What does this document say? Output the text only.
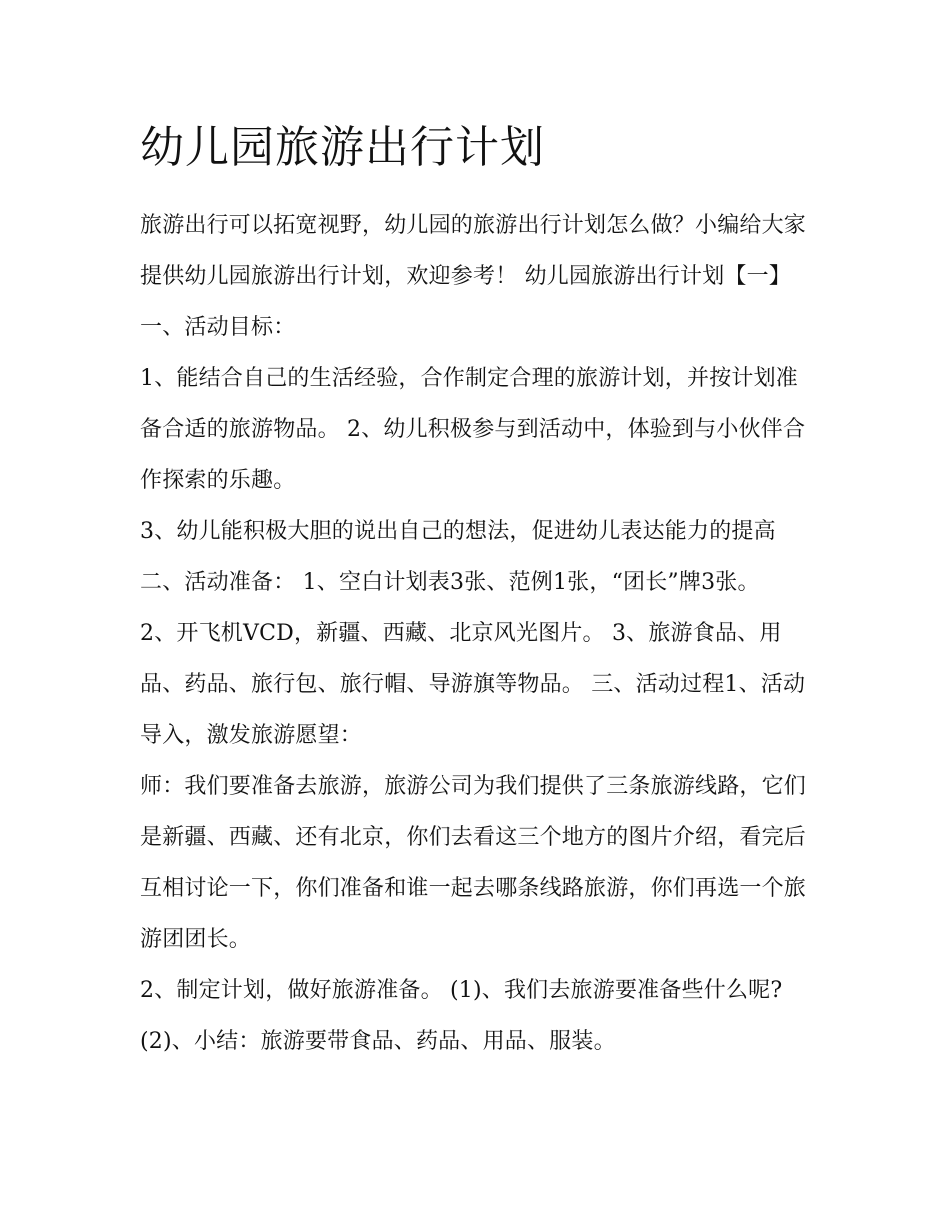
幼儿园旅游出行计划

旅游出行可以拓宽视野，幼儿园的旅游出行计划怎么做？小编给大家提供幼儿园旅游出行计划，欢迎参考！ 幼儿园旅游出行计划【一】 一、活动目标：

1、能结合自己的生活经验，合作制定合理的旅游计划，并按计划准备合适的旅游物品。 2、幼儿积极参与到活动中，体验到与小伙伴合作探索的乐趣。

3、幼儿能积极大胆的说出自己的想法，促进幼儿表达能力的提高 二、活动准备： 1、空白计划表3张、范例1张，“团长”牌3张。

2、开飞机VCD，新疆、西藏、北京风光图片。 3、旅游食品、用品、药品、旅行包、旅行帽、导游旗等物品。 三、活动过程1、活动导入，激发旅游愿望：

师：我们要准备去旅游，旅游公司为我们提供了三条旅游线路，它们是新疆、西藏、还有北京，你们去看这三个地方的图片介绍，看完后互相讨论一下，你们准备和谁一起去哪条线路旅游，你们再选一个旅游团团长。

2、制定计划，做好旅游准备。 (1)、我们去旅游要准备些什么呢? (2)、小结：旅游要带食品、药品、用品、服装。
